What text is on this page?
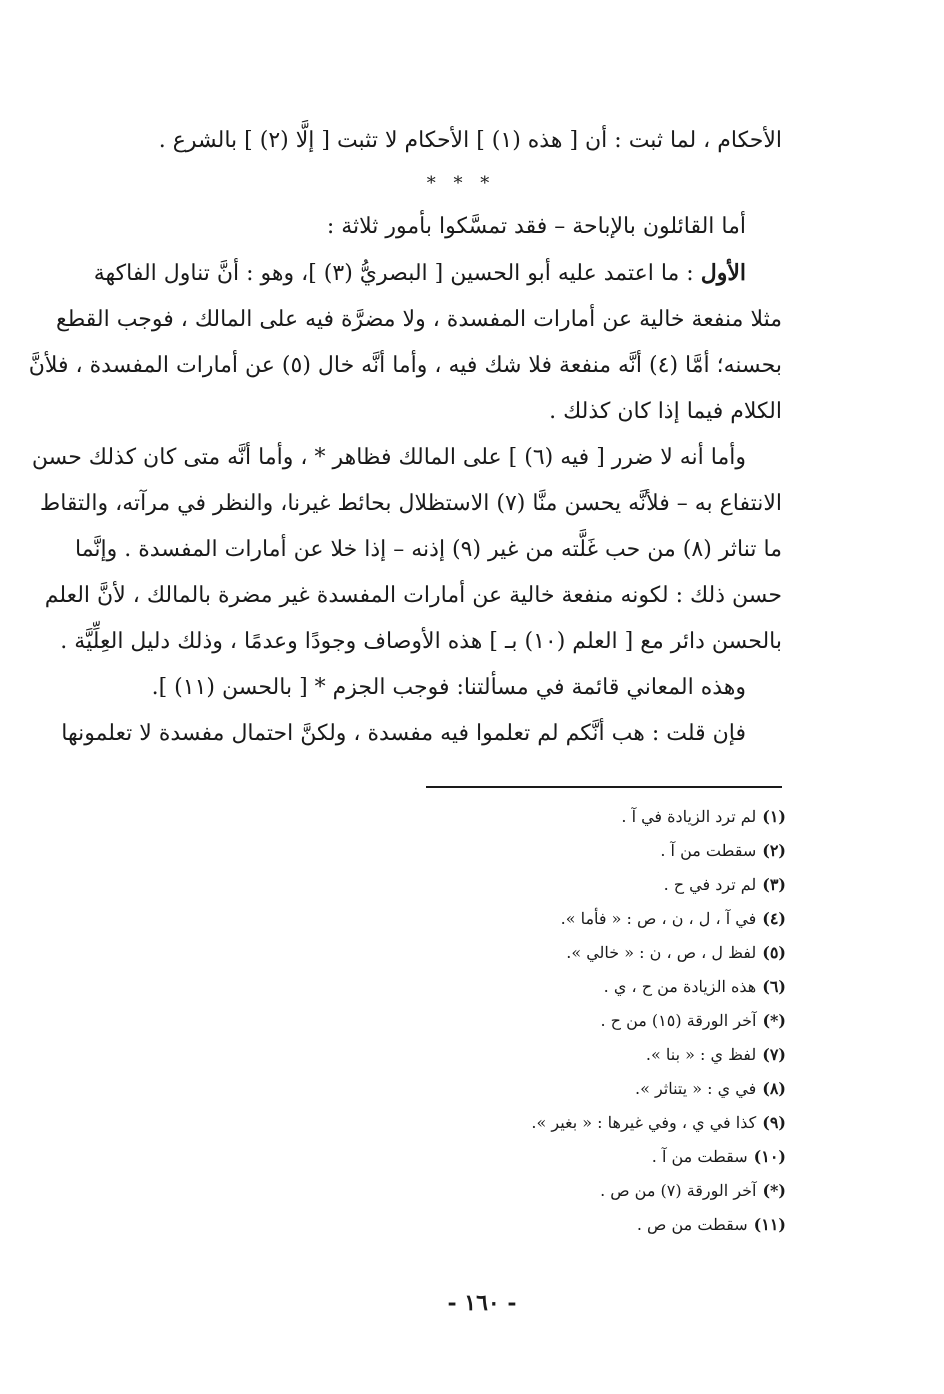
الأحكام ، لما ثبت : أن [ هذه (١) ] الأحكام لا تثبت [ إلَّا (٢) ] بالشرع .
* * *
أما القائلون بالإباحة – فقد تمسَّكوا بأمور ثلاثة :
الأول : ما اعتمد عليه أبو الحسين [ البصريُّ (٣) ]، وهو : أنَّ تناول الفاكهة
مثلا منفعة خالية عن أمارات المفسدة ، ولا مضرَّة فيه على المالك ، فوجب القطع
بحسنه؛ أمَّا (٤) أنَّه منفعة فلا شك فيه ، وأما أنَّه خال (٥) عن أمارات المفسدة ، فلأنَّ
الكلام فيما إذا كان كذلك .
وأما أنه لا ضرر [ فيه (٦) ] على المالك فظاهر * ، وأما أنَّه متى كان كذلك حسن
الانتفاع به – فلأنَّه يحسن منَّا (٧) الاستظلال بحائط غيرنا، والنظر في مرآته، والتقاط
ما تناثر (٨) من حب غَلَّته من غير (٩) إذنه – إذا خلا عن أمارات المفسدة . وإنَّما
حسن ذلك : لكونه منفعة خالية عن أمارات المفسدة غير مضرة بالمالك ، لأنَّ العلم
بالحسن دائر مع [ العلم (١٠) بـ ] هذه الأوصاف وجودًا وعدمًا ، وذلك دليل العِلِّيَّة .
وهذه المعاني قائمة في مسألتنا: فوجب الجزم * [ بالحسن (١١) ].
فإن قلت : هب أنَّكم لم تعلموا فيه مفسدة ، ولكنَّ احتمال مفسدة لا تعلمونها
(١)لم ترد الزيادة في آ .
(٢)سقطت من آ .
(٣)لم ترد في ح .
(٤)في آ ، ل ، ن ، ص : « فأما ».
(٥)لفظ ل ، ص ، ن : « خالي ».
(٦)هذه الزيادة من ح ، ي .
(*)آخر الورقة (١٥) من ح .
(٧)لفظ ي : « بنا ».
(٨)في ي : « يتناثر ».
(٩)كذا في ي ، وفي غيرها : « بغير ».
(١٠)سقطت من آ .
(*)آخر الورقة (٧) من ص .
(١١)سقطت من ص .
- ١٦٠ -
